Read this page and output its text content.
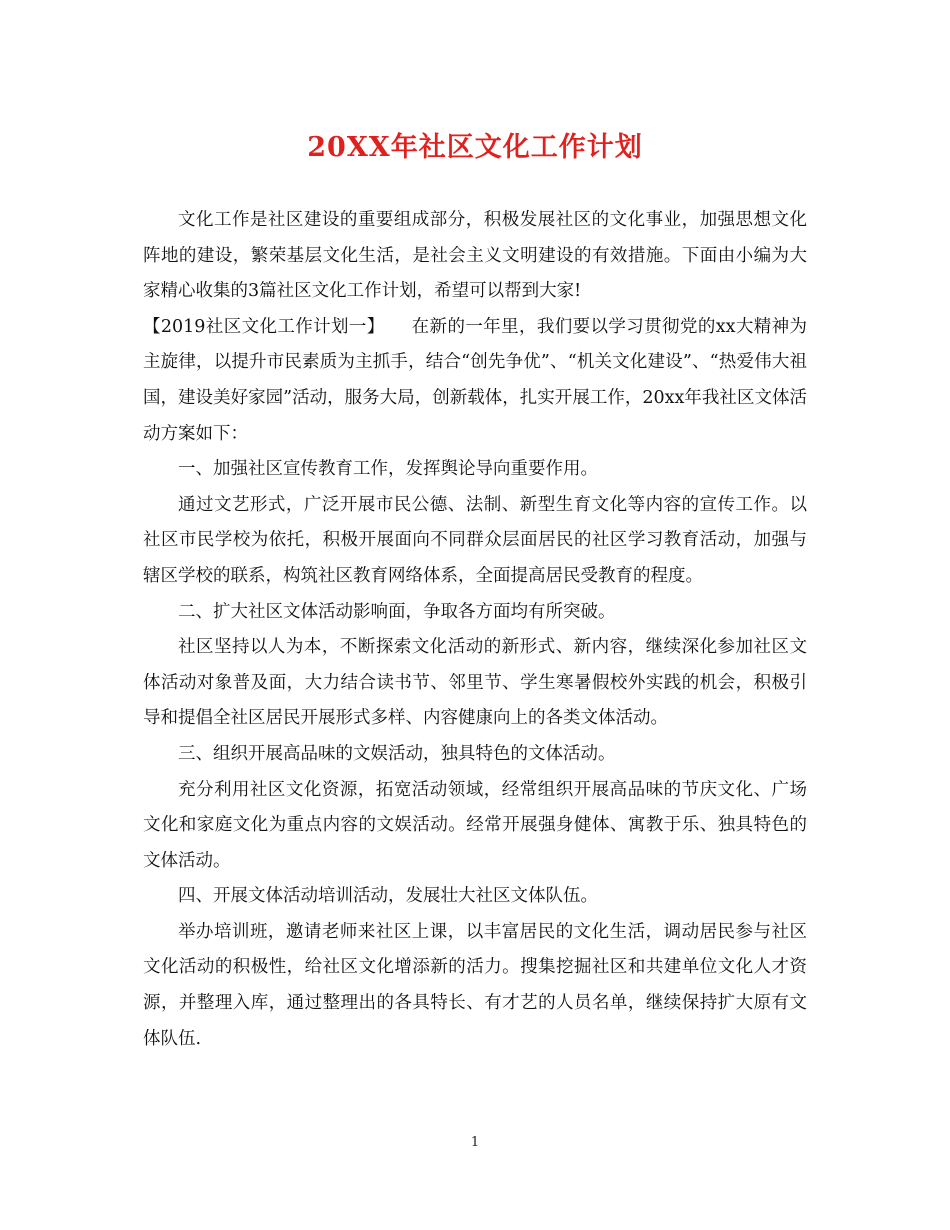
20XX年社区文化工作计划

文化工作是社区建设的重要组成部分，积极发展社区的文化事业，加强思想文化阵地的建设，繁荣基层文化生活，是社会主义文明建设的有效措施。下面由小编为大家精心收集的3篇社区文化工作计划，希望可以帮到大家!

【2019社区文化工作计划一】　　在新的一年里，我们要以学习贯彻党的xx大精神为主旋律，以提升市民素质为主抓手，结合“创先争优”、“机关文化建设”、“热爱伟大祖国，建设美好家园”活动，服务大局，创新载体，扎实开展工作，20xx年我社区文体活动方案如下：

一、加强社区宣传教育工作，发挥舆论导向重要作用。

通过文艺形式，广泛开展市民公德、法制、新型生育文化等内容的宣传工作。以社区市民学校为依托，积极开展面向不同群众层面居民的社区学习教育活动，加强与辖区学校的联系，构筑社区教育网络体系，全面提高居民受教育的程度。

二、扩大社区文体活动影响面，争取各方面均有所突破。

社区坚持以人为本，不断探索文化活动的新形式、新内容，继续深化参加社区文体活动对象普及面，大力结合读书节、邻里节、学生寒暑假校外实践的机会，积极引导和提倡全社区居民开展形式多样、内容健康向上的各类文体活动。

三、组织开展高品味的文娱活动，独具特色的文体活动。

充分利用社区文化资源，拓宽活动领域，经常组织开展高品味的节庆文化、广场文化和家庭文化为重点内容的文娱活动。经常开展强身健体、寓教于乐、独具特色的文体活动。

四、开展文体活动培训活动，发展壮大社区文体队伍。

举办培训班，邀请老师来社区上课，以丰富居民的文化生活，调动居民参与社区文化活动的积极性，给社区文化增添新的活力。搜集挖掘社区和共建单位文化人才资源，并整理入库，通过整理出的各具特长、有才艺的人员名单，继续保持扩大原有文体队伍.

1
